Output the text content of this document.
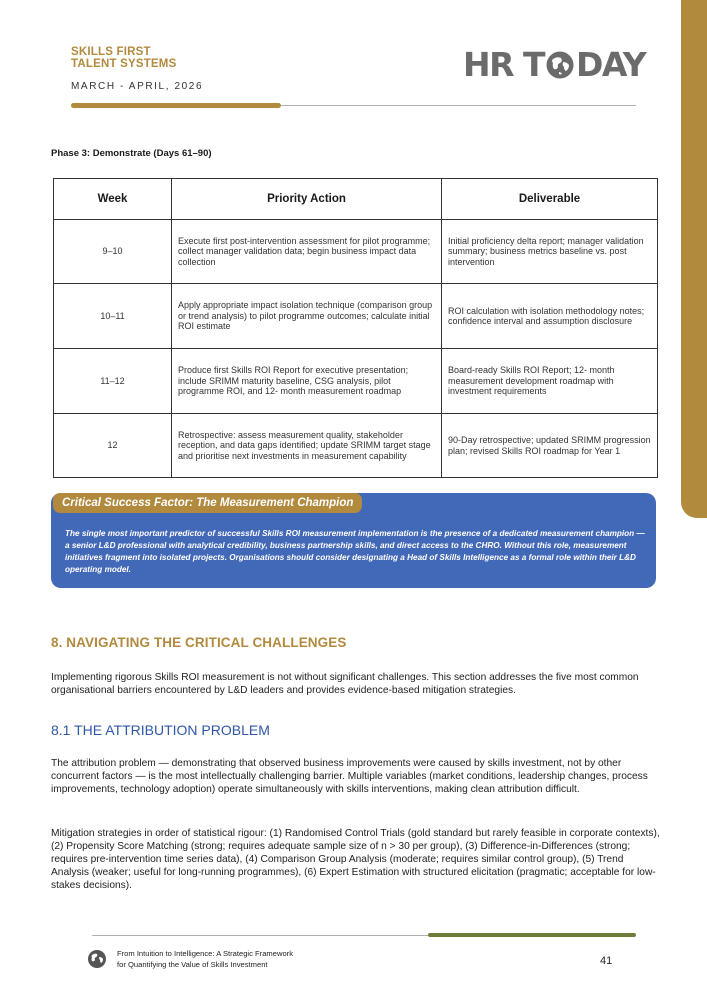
SKILLS FIRST
TALENT SYSTEMS
MARCH - APRIL, 2026
HR T DAY
Phase 3: Demonstrate (Days 61–90)
Week	Priority Action	Deliverable
9–10	Execute first post-intervention assessment for pilot programme; collect manager validation data; begin business impact data collection	Initial proficiency delta report; manager validation summary; business metrics baseline vs. post intervention
10–11	Apply appropriate impact isolation technique (comparison group or trend analysis) to pilot programme outcomes; calculate initial ROI estimate	ROI calculation with isolation methodology notes; confidence interval and assumption disclosure
11–12	Produce first Skills ROI Report for executive presentation; include SRIMM maturity baseline, CSG analysis, pilot programme ROI, and 12- month measurement roadmap	Board-ready Skills ROI Report; 12- month measurement development roadmap with investment requirements
12	Retrospective: assess measurement quality, stakeholder reception, and data gaps identified; update SRIMM target stage and prioritise next investments in measurement capability	90-Day retrospective; updated SRIMM progression plan; revised Skills ROI roadmap for Year 1
Critical Success Factor: The Measurement Champion
The single most important predictor of successful Skills ROI measurement implementation is the presence of a dedicated measurement champion — a senior L&D professional with analytical credibility, business partnership skills, and direct access to the CHRO. Without this role, measurement initiatives fragment into isolated projects. Organisations should consider designating a Head of Skills Intelligence as a formal role within their L&D operating model.
8. NAVIGATING THE CRITICAL CHALLENGES
Implementing rigorous Skills ROI measurement is not without significant challenges. This section addresses the five most common organisational barriers encountered by L&D leaders and provides evidence-based mitigation strategies.
8.1 THE ATTRIBUTION PROBLEM
The attribution problem — demonstrating that observed business improvements were caused by skills investment, not by other concurrent factors — is the most intellectually challenging barrier. Multiple variables (market conditions, leadership changes, process improvements, technology adoption) operate simultaneously with skills interventions, making clean attribution difficult.
Mitigation strategies in order of statistical rigour: (1) Randomised Control Trials (gold standard but rarely feasible in corporate contexts), (2) Propensity Score Matching (strong; requires adequate sample size of n > 30 per group), (3) Difference-in-Differences (strong; requires pre-intervention time series data), (4) Comparison Group Analysis (moderate; requires similar control group), (5) Trend Analysis (weaker; useful for long-running programmes), (6) Expert Estimation with structured elicitation (pragmatic; acceptable for low-stakes decisions).
From Intuition to Intelligence: A Strategic Framework
for Quantifying the Value of Skills Investment	41
